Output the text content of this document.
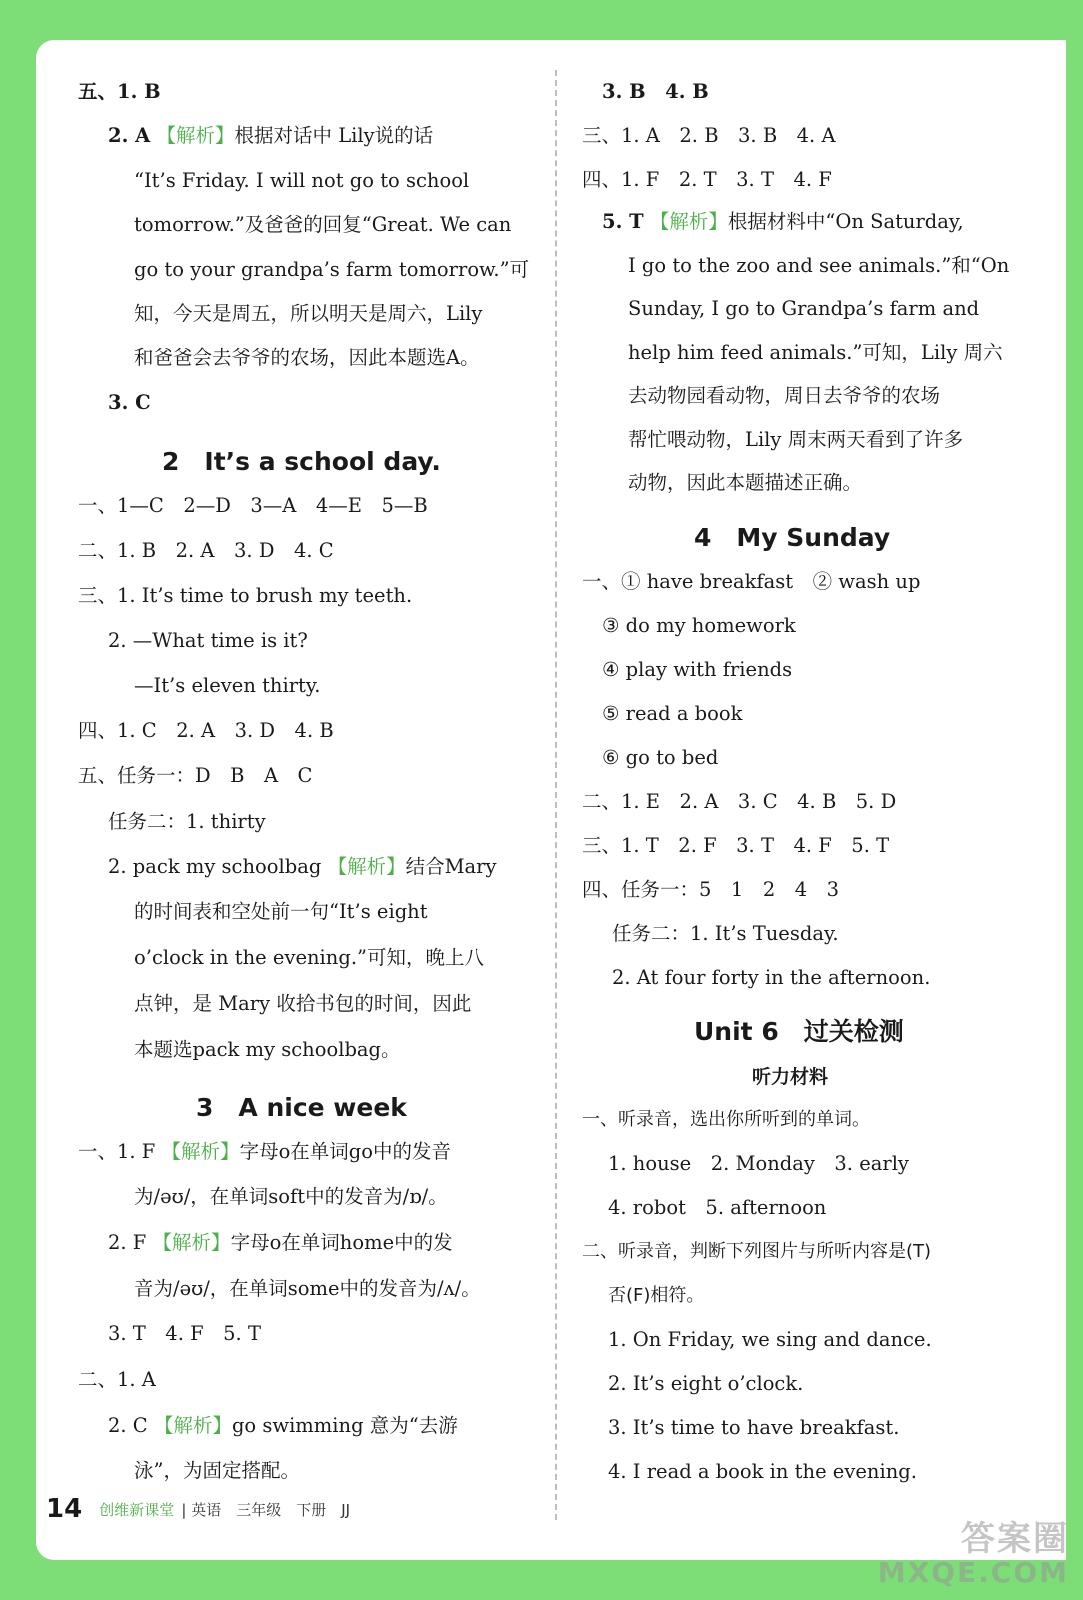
五、1. B
2. A 【解析】根据对话中 Lily说的话
“It’s Friday. I will not go to school
tomorrow.”及爸爸的回复“Great. We can
go to your grandpa’s farm tomorrow.”可
知，今天是周五，所以明天是周六，Lily
和爸爸会去爷爷的农场，因此本题选A。
3. C
2　It’s a school day.
一、1—C　2—D　3—A　4—E　5—B
二、1. B　2. A　3. D　4. C
三、1. It’s time to brush my teeth.
2. —What time is it?
—It’s eleven thirty.
四、1. C　2. A　3. D　4. B
五、任务一：D　B　A　C
任务二：1. thirty
2. pack my schoolbag 【解析】结合Mary
的时间表和空处前一句“It’s eight
o’clock in the evening.”可知，晚上八
点钟，是 Mary 收拾书包的时间，因此
本题选pack my schoolbag。
3　A nice week
一、1. F 【解析】字母o在单词go中的发音
为/əʊ/，在单词soft中的发音为/ɒ/。
2. F 【解析】字母o在单词home中的发
音为/əʊ/，在单词some中的发音为/ʌ/。
3. T　4. F　5. T
二、1. A
2. C 【解析】go swimming 意为“去游
泳”，为固定搭配。
3. B　4. B
三、1. A　2. B　3. B　4. A
四、1. F　2. T　3. T　4. F
5. T 【解析】根据材料中“On Saturday,
I go to the zoo and see animals.”和“On
Sunday, I go to Grandpa’s farm and
help him feed animals.”可知，Lily 周六
去动物园看动物，周日去爷爷的农场
帮忙喂动物，Lily 周末两天看到了许多
动物，因此本题描述正确。
4　My Sunday
一、① have breakfast　② wash up
③ do my homework
④ play with friends
⑤ read a book
⑥ go to bed
二、1. E　2. A　3. C　4. B　5. D
三、1. T　2. F　3. T　4. F　5. T
四、任务一：5　1　2　4　3
任务二：1. It’s Tuesday.
2. At four forty in the afternoon.
Unit 6　过关检测
听力材料
一、听录音，选出你所听到的单词。
1. house　2. Monday　3. early
4. robot　5. afternoon
二、听录音，判断下列图片与所听内容是(T)
否(F)相符。
1. On Friday, we sing and dance.
2. It’s eight o’clock.
3. It’s time to have breakfast.
4. I read a book in the evening.
14 创维新课堂 | 英语　三年级　下册　JJ
答案圈
MXQE.COM
